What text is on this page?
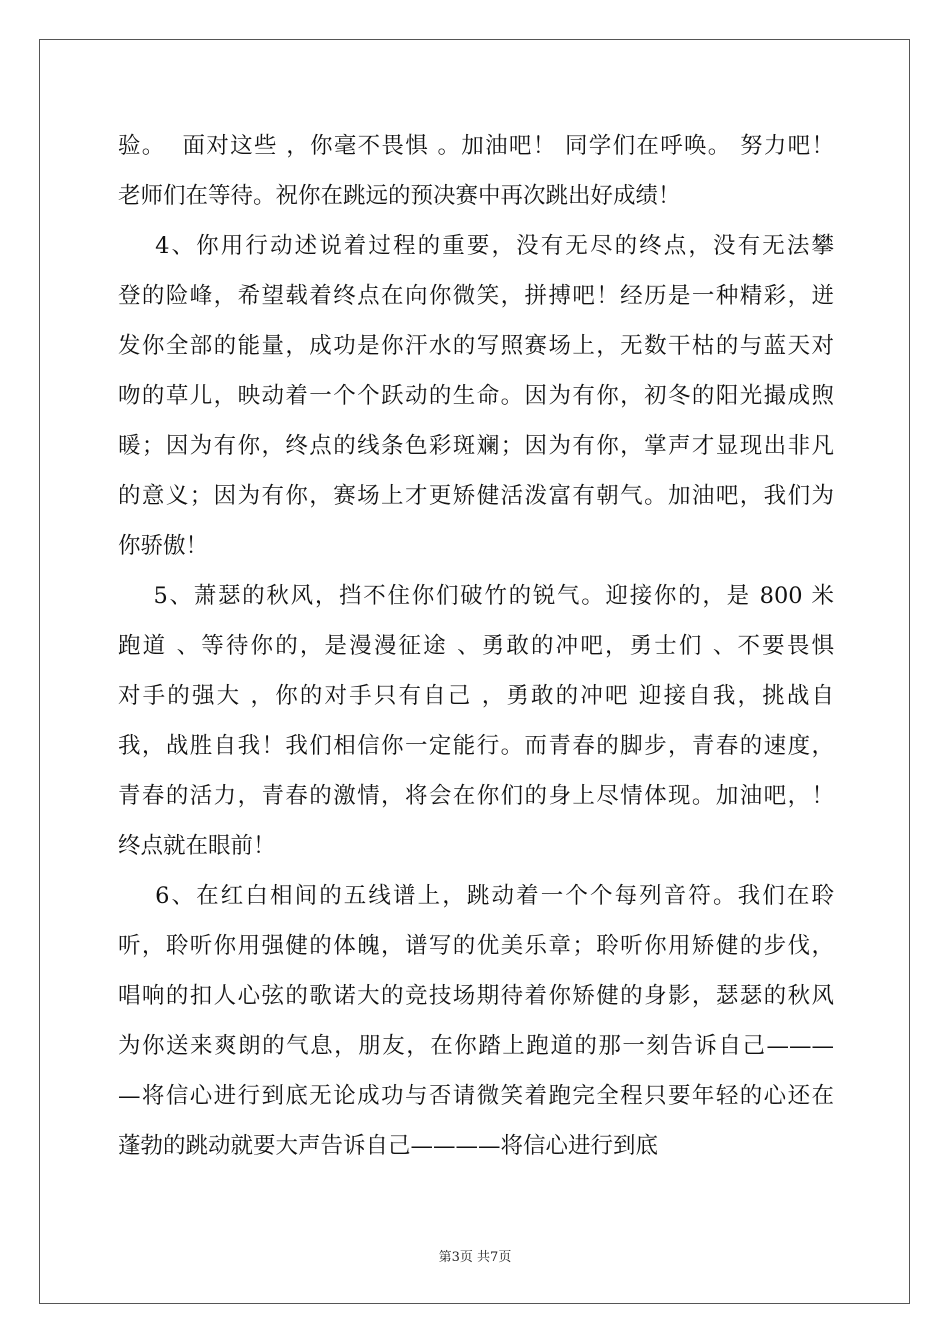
验。  面对这些 ，你毫不畏惧 。加油吧！ 同学们在呼唤。 努力吧！
老师们在等待。祝你在跳远的预决赛中再次跳出好成绩！
4、你用行动述说着过程的重要，没有无尽的终点，没有无法攀
登的险峰，希望载着终点在向你微笑，拼搏吧！经历是一种精彩，迸
发你全部的能量，成功是你汗水的写照赛场上，无数干枯的与蓝天对
吻的草儿，映动着一个个跃动的生命。因为有你，初冬的阳光撮成煦
暖；因为有你，终点的线条色彩斑斓；因为有你，掌声才显现出非凡
的意义；因为有你，赛场上才更矫健活泼富有朝气。加油吧，我们为
你骄傲！
5、萧瑟的秋风，挡不住你们破竹的锐气。迎接你的，是 800 米
跑道 、等待你的，是漫漫征途 、勇敢的冲吧，勇士们 、不要畏惧
对手的强大 ，你的对手只有自己 ，勇敢的冲吧 迎接自我，挑战自
我，战胜自我！我们相信你一定能行。而青春的脚步，青春的速度，
青春的活力，青春的激情，将会在你们的身上尽情体现。加油吧，！
终点就在眼前！
6、在红白相间的五线谱上，跳动着一个个每列音符。我们在聆
听，聆听你用强健的体魄，谱写的优美乐章；聆听你用矫健的步伐，
唱响的扣人心弦的歌诺大的竞技场期待着你矫健的身影，瑟瑟的秋风
为你送来爽朗的气息，朋友，在你踏上跑道的那一刻告诉自己———
—将信心进行到底无论成功与否请微笑着跑完全程只要年轻的心还在
蓬勃的跳动就要大声告诉自己————将信心进行到底
第3页 共7页
